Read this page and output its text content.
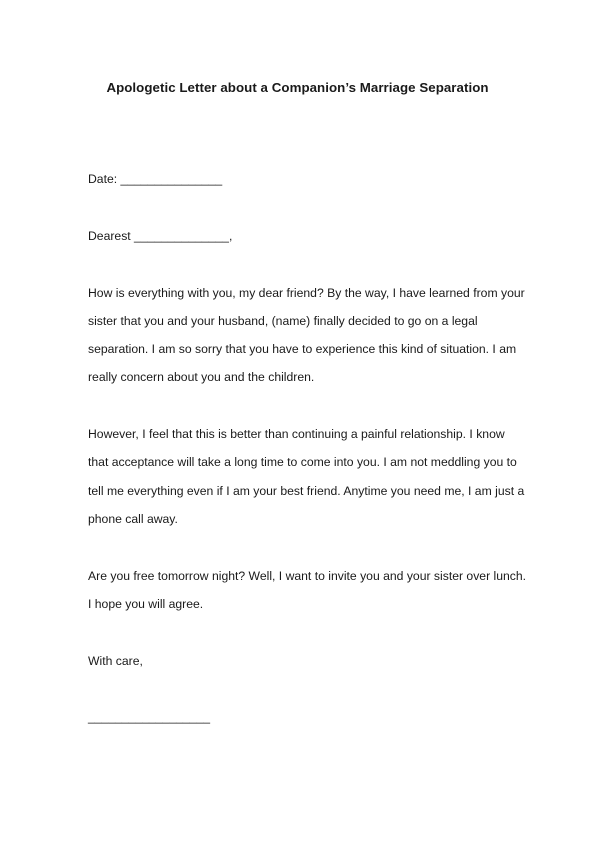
Apologetic Letter about a Companion’s Marriage Separation
Date: _______________
Dearest ______________,
How is everything with you, my dear friend? By the way, I have learned from your
sister that you and your husband, (name) finally decided to go on a legal
separation. I am so sorry that you have to experience this kind of situation. I am
really concern about you and the children.
However, I feel that this is better than continuing a painful relationship. I know
that acceptance will take a long time to come into you. I am not meddling you to
tell me everything even if I am your best friend. Anytime you need me, I am just a
phone call away.
Are you free tomorrow night? Well, I want to invite you and your sister over lunch.
I hope you will agree.
With care,
__________________
